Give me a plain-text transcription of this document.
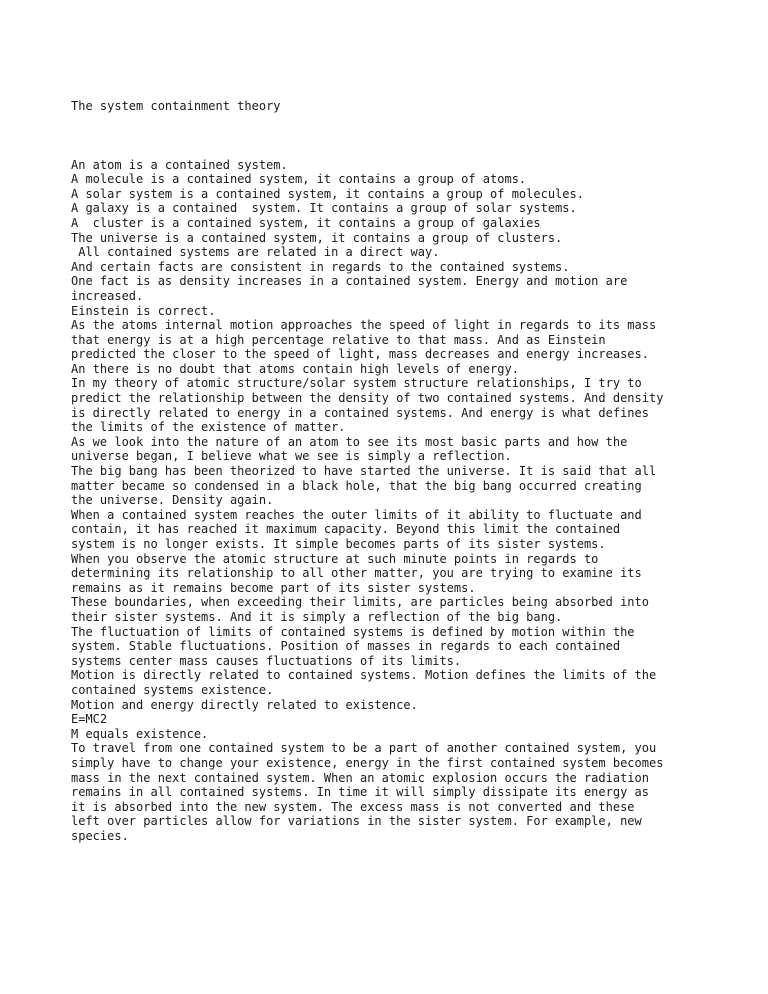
The system containment theory

An atom is a contained system.
A molecule is a contained system, it contains a group of atoms.
A solar system is a contained system, it contains a group of molecules.
A galaxy is a contained  system. It contains a group of solar systems.
A  cluster is a contained system, it contains a group of galaxies
The universe is a contained system, it contains a group of clusters.
All contained systems are related in a direct way.
And certain facts are consistent in regards to the contained systems.
One fact is as density increases in a contained system. Energy and motion are
increased.
Einstein is correct.
As the atoms internal motion approaches the speed of light in regards to its mass
that energy is at a high percentage relative to that mass. And as Einstein
predicted the closer to the speed of light, mass decreases and energy increases.
An there is no doubt that atoms contain high levels of energy.
In my theory of atomic structure/solar system structure relationships, I try to
predict the relationship between the density of two contained systems. And density
is directly related to energy in a contained systems. And energy is what defines
the limits of the existence of matter.
As we look into the nature of an atom to see its most basic parts and how the
universe began, I believe what we see is simply a reflection.
The big bang has been theorized to have started the universe. It is said that all
matter became so condensed in a black hole, that the big bang occurred creating
the universe. Density again.
When a contained system reaches the outer limits of it ability to fluctuate and
contain, it has reached it maximum capacity. Beyond this limit the contained
system is no longer exists. It simple becomes parts of its sister systems.
When you observe the atomic structure at such minute points in regards to
determining its relationship to all other matter, you are trying to examine its
remains as it remains become part of its sister systems.
These boundaries, when exceeding their limits, are particles being absorbed into
their sister systems. And it is simply a reflection of the big bang.
The fluctuation of limits of contained systems is defined by motion within the
system. Stable fluctuations. Position of masses in regards to each contained
systems center mass causes fluctuations of its limits.
Motion is directly related to contained systems. Motion defines the limits of the
contained systems existence.
Motion and energy directly related to existence.
E=MC2
M equals existence.
To travel from one contained system to be a part of another contained system, you
simply have to change your existence, energy in the first contained system becomes
mass in the next contained system. When an atomic explosion occurs the radiation
remains in all contained systems. In time it will simply dissipate its energy as
it is absorbed into the new system. The excess mass is not converted and these
left over particles allow for variations in the sister system. For example, new
species.
